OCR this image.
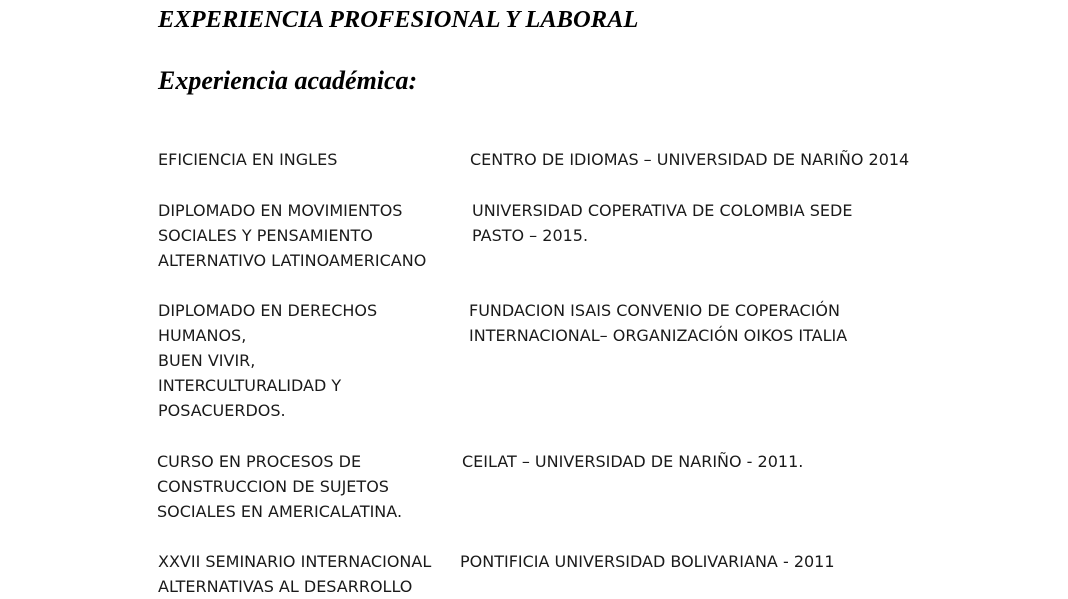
EXPERIENCIA PROFESIONAL Y LABORAL
Experiencia académica:
EFICIENCIA EN INGLES	CENTRO DE IDIOMAS – UNIVERSIDAD DE NARIÑO 2014
DIPLOMADO EN MOVIMIENTOS
SOCIALES Y PENSAMIENTO
ALTERNATIVO LATINOAMERICANO
UNIVERSIDAD COPERATIVA DE COLOMBIA SEDE
PASTO – 2015.
DIPLOMADO EN DERECHOS
HUMANOS,
BUEN VIVIR,
INTERCULTURALIDAD Y
POSACUERDOS.
FUNDACION ISAIS CONVENIO DE COPERACIÓN
INTERNACIONAL– ORGANIZACIÓN OIKOS ITALIA
CURSO EN PROCESOS DE
CONSTRUCCION DE SUJETOS
SOCIALES EN AMERICALATINA.
CEILAT – UNIVERSIDAD DE NARIÑO - 2011.
XXVII SEMINARIO INTERNACIONAL
ALTERNATIVAS AL DESARROLLO
PONTIFICIA UNIVERSIDAD BOLIVARIANA - 2011
